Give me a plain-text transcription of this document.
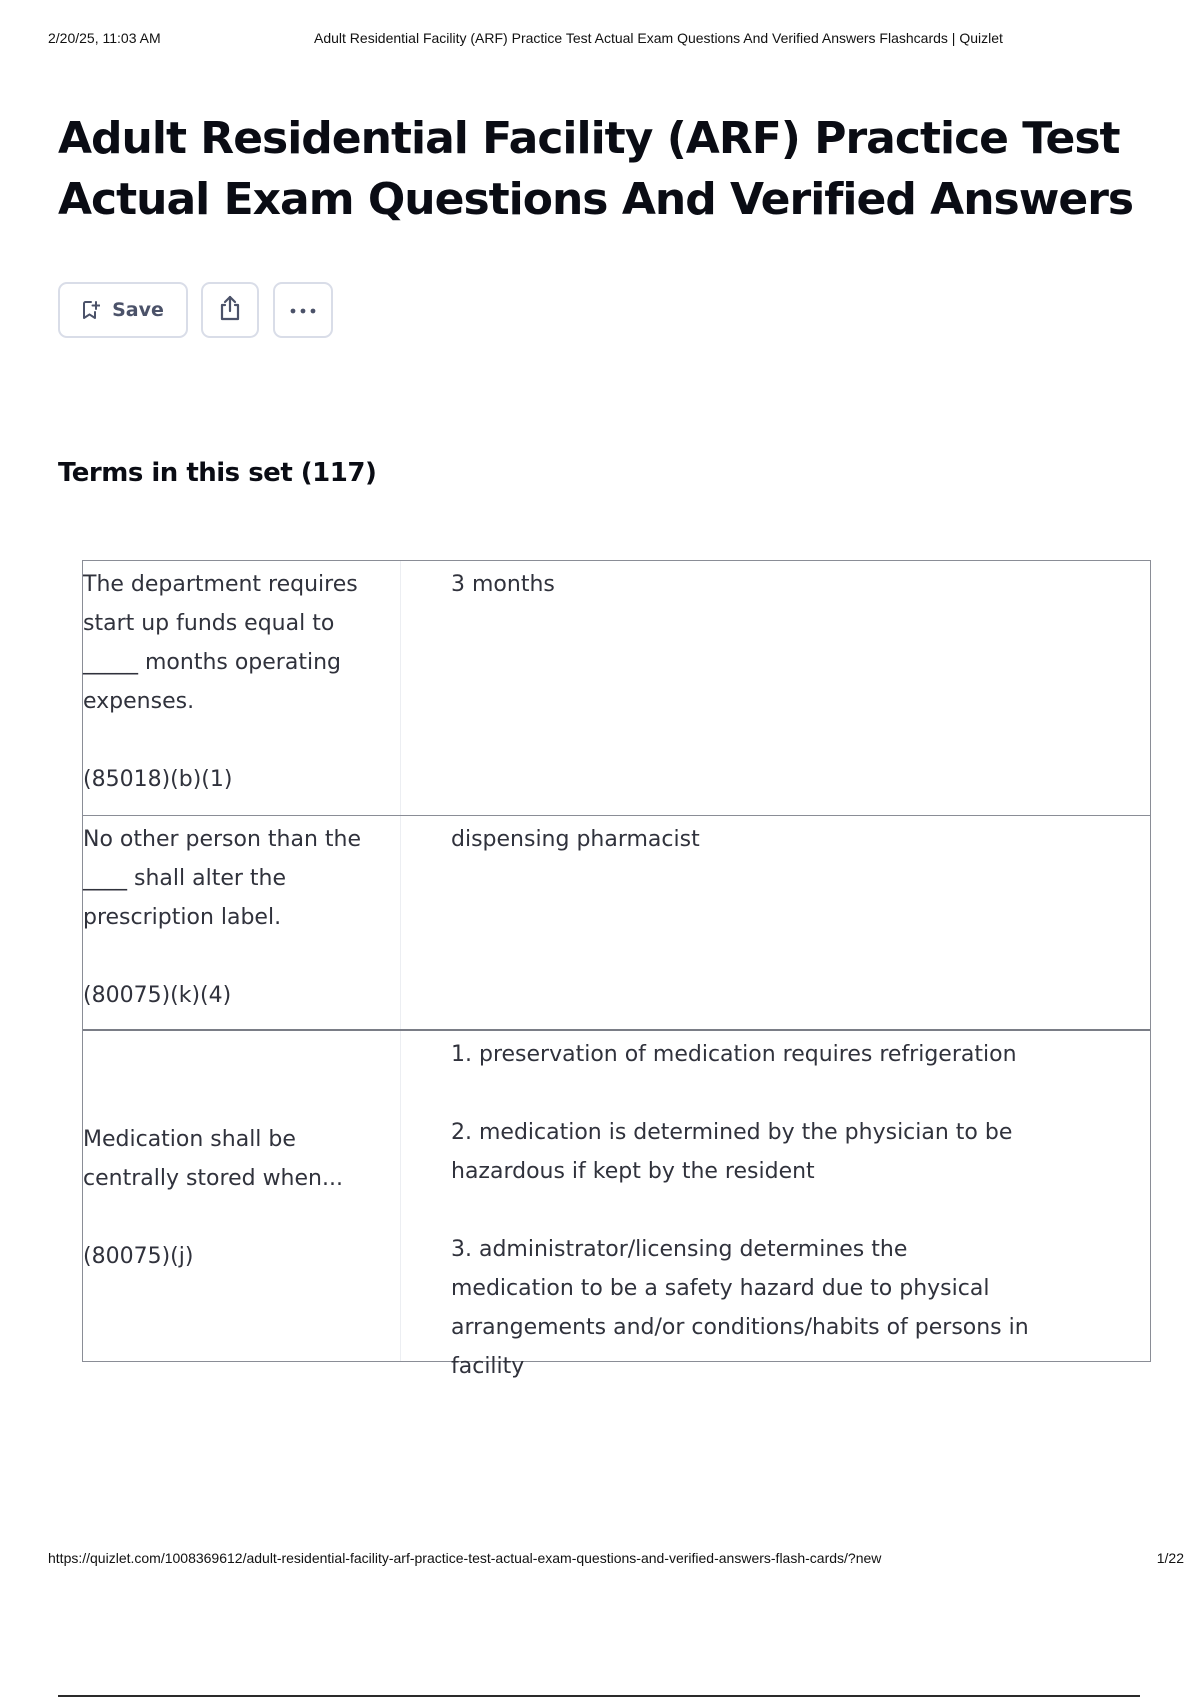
2/20/25, 11:03 AM	Adult Residential Facility (ARF) Practice Test Actual Exam Questions And Verified Answers Flashcards | Quizlet
Adult Residential Facility (ARF) Practice Test Actual Exam Questions And Verified Answers
Save
Terms in this set (117)
The department requires
start up funds equal to
_____ months operating
expenses.
(85018)(b)(1)
3 months
No other person than the
____ shall alter the
prescription label.
(80075)(k)(4)
dispensing pharmacist
Medication shall be
centrally stored when...
(80075)(j)
1. preservation of medication requires refrigeration
2. medication is determined by the physician to be hazardous if kept by the resident
3. administrator/licensing determines the medication to be a safety hazard due to physical arrangements and/or conditions/habits of persons in facility
https://quizlet.com/1008369612/adult-residential-facility-arf-practice-test-actual-exam-questions-and-verified-answers-flash-cards/?new	1/22
